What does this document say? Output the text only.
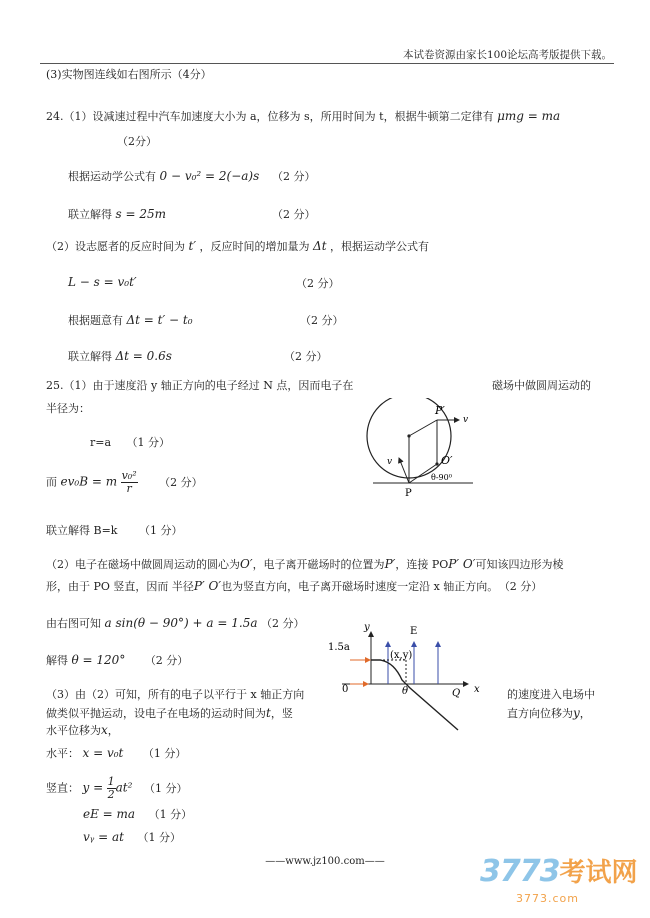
本试卷资源由家长100论坛高考版提供下载。
(3)实物图连线如右图所示（4分）
24.（1）设减速过程中汽车加速度大小为 a，位移为 s，所用时间为 t，根据牛顿第二定律有 μmg = ma
（2分）
根据运动学公式有 0 − v₀² = 2(−a)s （2 分）
联立解得 s = 25m	（2 分）
（2）设志愿者的反应时间为 t′ ，反应时间的增加量为 Δt ，根据运动学公式有
L − s = v₀t′	（2 分）
根据题意有 Δt = t′ − t₀	（2 分）
联立解得 Δt = 0.6s	（2 分）
25.（1）由于速度沿 y 轴正方向的电子经过 N 点，因而电子在	磁场中做圆周运动的
半径为：
r=a （1 分）
而 ev₀B = m $\frac{\text{v₀²}}{r} (2$ 分）
联立解得 B=k （1 分）
（2）电子在磁场中做圆周运动的圆心为O′，电子离开磁场时的位置为P′，连接 POP′ O′可知该四边形为棱
形，由于 PO 竖直，因而 半径P′ O′也为竖直方向，电子离开磁场时速度一定沿 x 轴正方向。 （2 分）
由右图可知 a sin(θ − 90°) + a = 1.5a （2 分）
解得 θ = 120° （2 分）
（3）由（2）可知，所有的电子以平行于 x 轴正方向	的速度进入电场中
做类似平抛运动，设电子在电场的运动时间为t，竖	直方向位移为y，
水平位移为x，
水平： x = v₀t （1 分）
竖直： $y = \frac{1}{2} at^2$ （1 分）
eE = ma （1 分）
vᵧ = at （1 分）
P′
v
O′
v
θ-90⁰
P
y	E
1.5a
(x,y)
0	θ	Q x
——www.jz100.com——	3773考试网
3773.com
